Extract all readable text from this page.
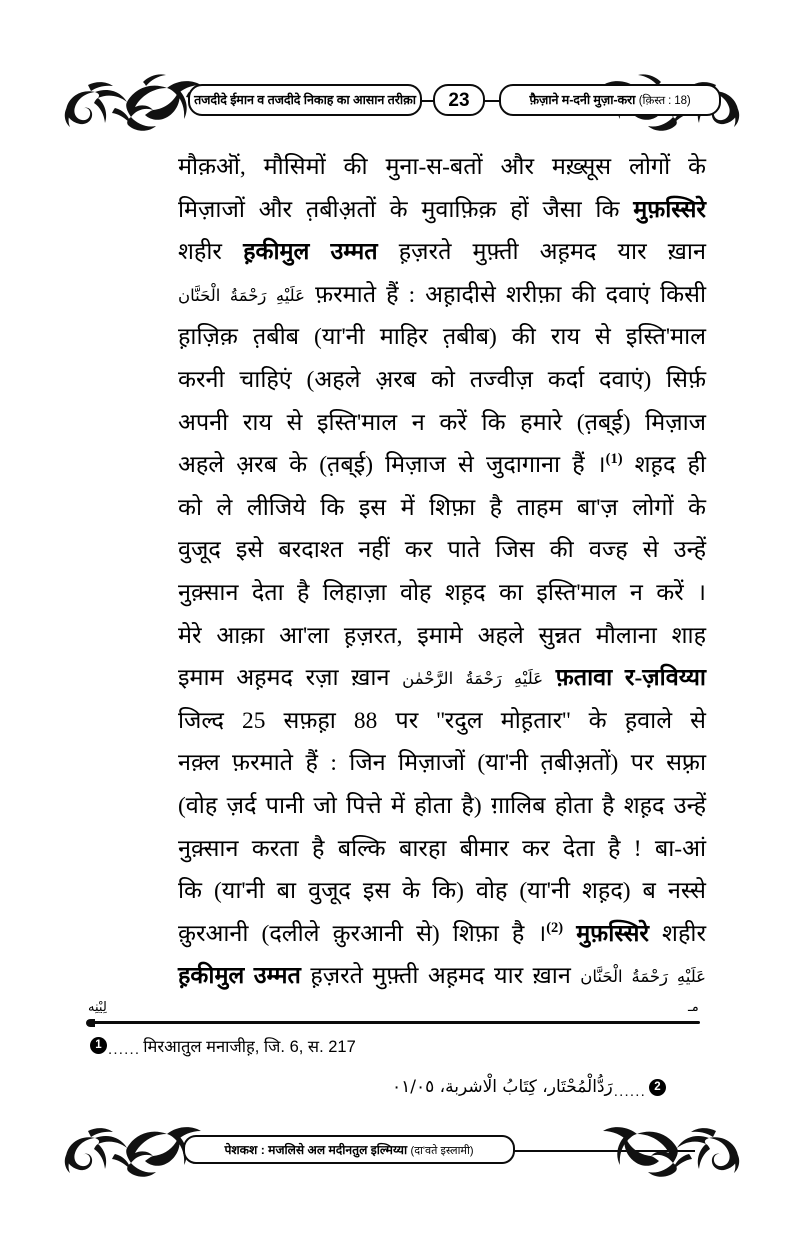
तजदीदे ईमान व तजदीदे निकाह का आसान तरीक़ा	23	फ़ैज़ाने म-दनी मुज़ा-करा (क़िस्त : 18)
मौक़ऒं, मौसिमों की मुना-स-बतों और मख़्सूस लोगों के
मिज़ाजों और त़बीअ़तों के मुवाफ़िक़ हों जैसा कि मुफ़स्सिरे
शहीर ह़कीमुल उम्मत ह़ज़रते मुफ़्ती अह़मद यार ख़ान
عَلَيْهِ رَحْمَةُ الْحَنَّان फ़रमाते हैं : अह़ादीसे शरीफ़ा की दवाएं किसी
ह़ाज़िक़ त़बीब (या'नी माहिर त़बीब) की राय से इस्ति'माल
करनी चाहिएं (अहले अ़रब को तज्वीज़ कर्दा दवाएं) सिर्फ़
अपनी राय से इस्ति'माल न करें कि हमारे (त़ब्ई) मिज़ाज
अहले अ़रब के (त़ब्ई) मिज़ाज से जुदागाना हैं ।$^{(1)}$ शह़द ही
को ले लीजिये कि इस में शिफ़ा है ताहम बा'ज़ लोगों के
वुजूद इसे बरदाश्त नहीं कर पाते जिस की वज्ह से उन्हें
नुक़्सान देता है लिहाज़ा वोह शह़द का इस्ति'माल न करें ।
मेरे आक़ा आ'ला ह़ज़रत, इमामे अहले सुन्नत मौलाना शाह
इमाम अह़मद रज़ा ख़ान عَلَيْهِ رَحْمَةُ الرَّحْمٰن फ़तावा र-ज़विय्या
जिल्द 25 सफ़ह़ा 88 पर ''रदुल मोह़तार'' के ह़वाले से
नक़्ल फ़रमाते हैं : जिन मिज़ाजों (या'नी त़बीअ़तों) पर सफ़्रा
(वोह ज़र्द पानी जो पित्ते में होता है) ग़ालिब होता है शह़द उन्हें
नुक़्सान करता है बल्कि बारहा बीमार कर देता है ! बा-आं
कि (या'नी बा वुजूद इस के कि) वोह (या'नी शह़द) ब नस्से
क़ुरआनी (दलीले क़ुरआनी से) शिफ़ा है ।$^{(2)}$ मुफ़स्सिरे शहीर
ह़कीमुल उम्मत ह़ज़रते मुफ़्ती अह़मद यार ख़ान عَلَيْهِ رَحْمَةُ الْحَنَّان
لِيْنِه	مـ
1 ...... मिरआतुल मनाजीह़, जि. 6, स. 217
رَدُّالْمُحْتَار، كِتَابُ الْاشربة، ٥٠/١٠ ...... 2
पेशकश : मजलिसे अल मदीनतुल इल्मिय्या (दा'वते इस्लामी)
